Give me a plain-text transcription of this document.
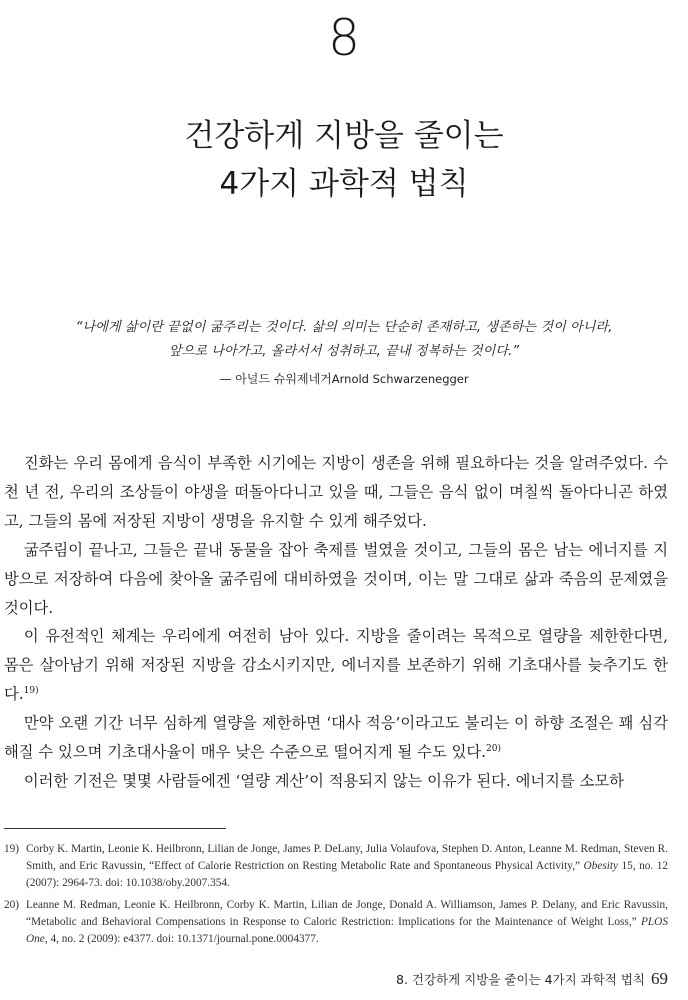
8
건강하게 지방을 줄이는
4가지 과학적 법칙
“나에게 삶이란 끝없이 굶주리는 것이다. 삶의 의미는 단순히 존재하고, 생존하는 것이 아니라,
앞으로 나아가고, 올라서서 성취하고, 끝내 정복하는 것이다.”
— 아널드 슈워제네거Arnold Schwarzenegger

진화는 우리 몸에게 음식이 부족한 시기에는 지방이 생존을 위해 필요하다는 것을 알려주었다. 수천 년 전, 우리의 조상들이 야생을 떠돌아다니고 있을 때, 그들은 음식 없이 며칠씩 돌아다니곤 하였고, 그들의 몸에 저장된 지방이 생명을 유지할 수 있게 해주었다.

굶주림이 끝나고, 그들은 끝내 동물을 잡아 축제를 벌였을 것이고, 그들의 몸은 남는 에너지를 지방으로 저장하여 다음에 찾아올 굶주림에 대비하였을 것이며, 이는 말 그대로 삶과 죽음의 문제였을 것이다.

이 유전적인 체계는 우리에게 여전히 남아 있다. 지방을 줄이려는 목적으로 열량을 제한한다면, 몸은 살아남기 위해 저장된 지방을 감소시키지만, 에너지를 보존하기 위해 기초대사를 늦추기도 한다.$^{19)}$

만약 오랜 기간 너무 심하게 열량을 제한하면 ‘대사 적응’이라고도 불리는 이 하향 조절은 꽤 심각해질 수 있으며 기초대사율이 매우 낮은 수준으로 떨어지게 될 수도 있다.$^{20)}$

이러한 기전은 몇몇 사람들에겐 ‘열량 계산’이 적용되지 않는 이유가 된다. 에너지를 소모하

19) Corby K. Martin, Leonie K. Heilbronn, Lilian de Jonge, James P. DeLany, Julia Volaufova, Stephen D. Anton, Leanne M. Redman, Steven R. Smith, and Eric Ravussin, “Effect of Calorie Restriction on Resting Metabolic Rate and Spontaneous Physical Activity,” Obesity 15, no. 12 (2007): 2964-73. doi: 10.1038/oby.2007.354.
20) Leanne M. Redman, Leonie K. Heilbronn, Corby K. Martin, Lilian de Jonge, Donald A. Williamson, James P. Delany, and Eric Ravussin, “Metabolic and Behavioral Compensations in Response to Caloric Restriction: Implications for the Maintenance of Weight Loss,” PLOS One, 4, no. 2 (2009): e4377. doi: 10.1371/journal.pone.0004377.
8. 건강하게 지방을 줄이는 4가지 과학적 법칙 69
